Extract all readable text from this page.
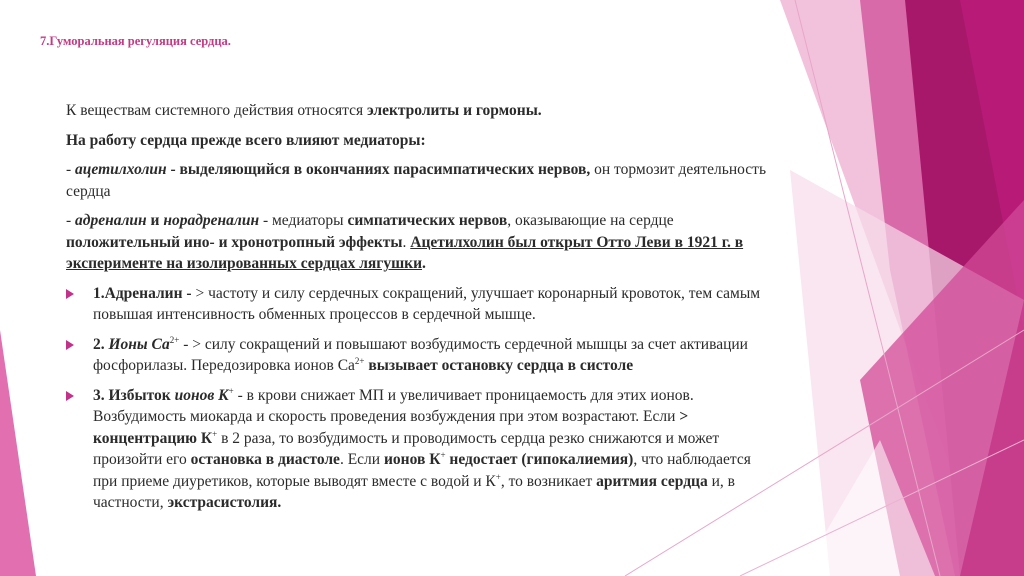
7.Гуморальная регуляция сердца.

К веществам системного действия относятся электролиты и гормоны.

На работу сердца прежде всего влияют медиаторы:

- ацетилхолин - выделяющийся в окончаниях парасимпатических нервов, он тормозит деятельность сердца

- адреналин и норадреналин - медиаторы симпатических нервов, оказывающие на сердце положительный ино- и хронотропный эффекты. Ацетилхолин был открыт Отто Леви в 1921 г. в эксперименте на изолированных сердцах лягушки.

1.Адреналин - > частоту и силу сердечных сокращений, улучшает коронарный кровоток, тем самым повышая интенсивность обменных процессов в сердечной мышце.
2. Ионы $Са^{2+}$ - > силу сокращений и повышают возбудимость сердечной мышцы за счет активации фосфорилазы. Передозировка ионов $Са^{2+}$ вызывает остановку сердца в систоле
3. Избыток ионов К+ - в крови снижает МП и увеличивает проницаемость для этих ионов. Возбудимость миокарда и скорость проведения возбуждения при этом возрастают. Если > концентрацию К+ в 2 раза, то возбудимость и проводимость сердца резко снижаются и может произойти его остановка в диастоле. Если ионов К+ недостает (гипокалиемия), что наблюдается при приеме диуретиков, которые выводят вместе с водой и К+, то возникает аритмия сердца и, в частности, экстрасистолия.
